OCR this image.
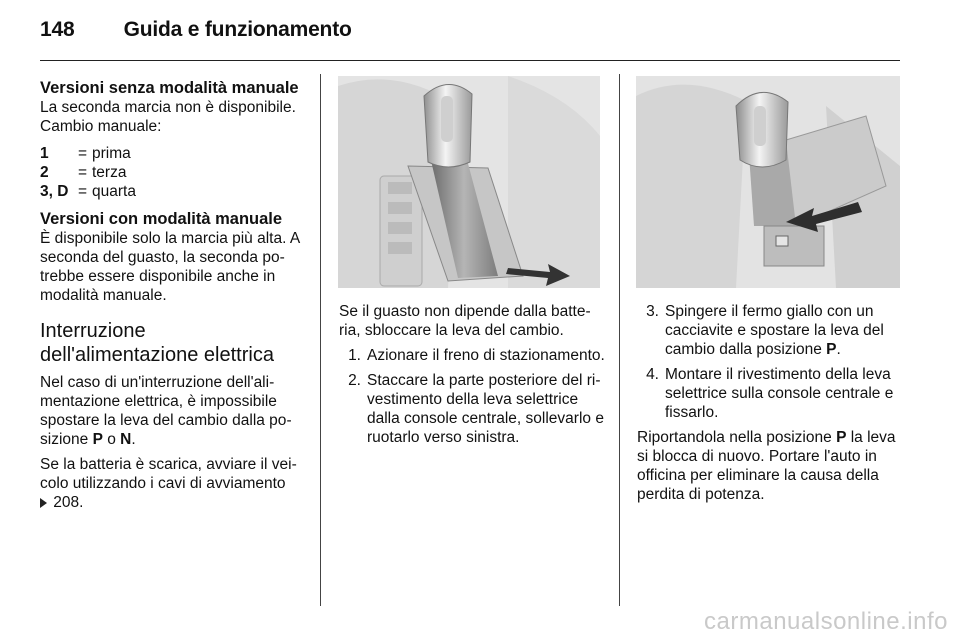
148 Guida e funzionamento
Versioni senza modalità manuale

La seconda marcia non è disponibile.

Cambio manuale:

1	= prima
2	= terza
3, D = quarta
Versioni con modalità manuale

È disponibile solo la marcia più alta. A seconda del guasto, la seconda potrebbe essere disponibile anche in modalità manuale.

Interruzione
dell'alimentazione elettrica

Nel caso di un'interruzione dell'alimentazione elettrica, è impossibile spostare la leva del cambio dalla posizione P o N.

Se la batteria è scarica, avviare il veicolo utilizzando i cavi di avviamento
208.

Se il guasto non dipende dalla batteria, sbloccare la leva del cambio.

1. Azionare il freno di stazionamento.
2. Staccare la parte posteriore del rivestimento della leva selettrice dalla console centrale, sollevarlo e ruotarlo verso sinistra.
3. Spingere il fermo giallo con un cacciavite e spostare la leva del cambio dalla posizione P.
4. Montare il rivestimento della leva selettrice sulla console centrale e fissarlo.

Riportandola nella posizione P la leva si blocca di nuovo. Portare l'auto in officina per eliminare la causa della perdita di potenza.

carmanualsonline.info
